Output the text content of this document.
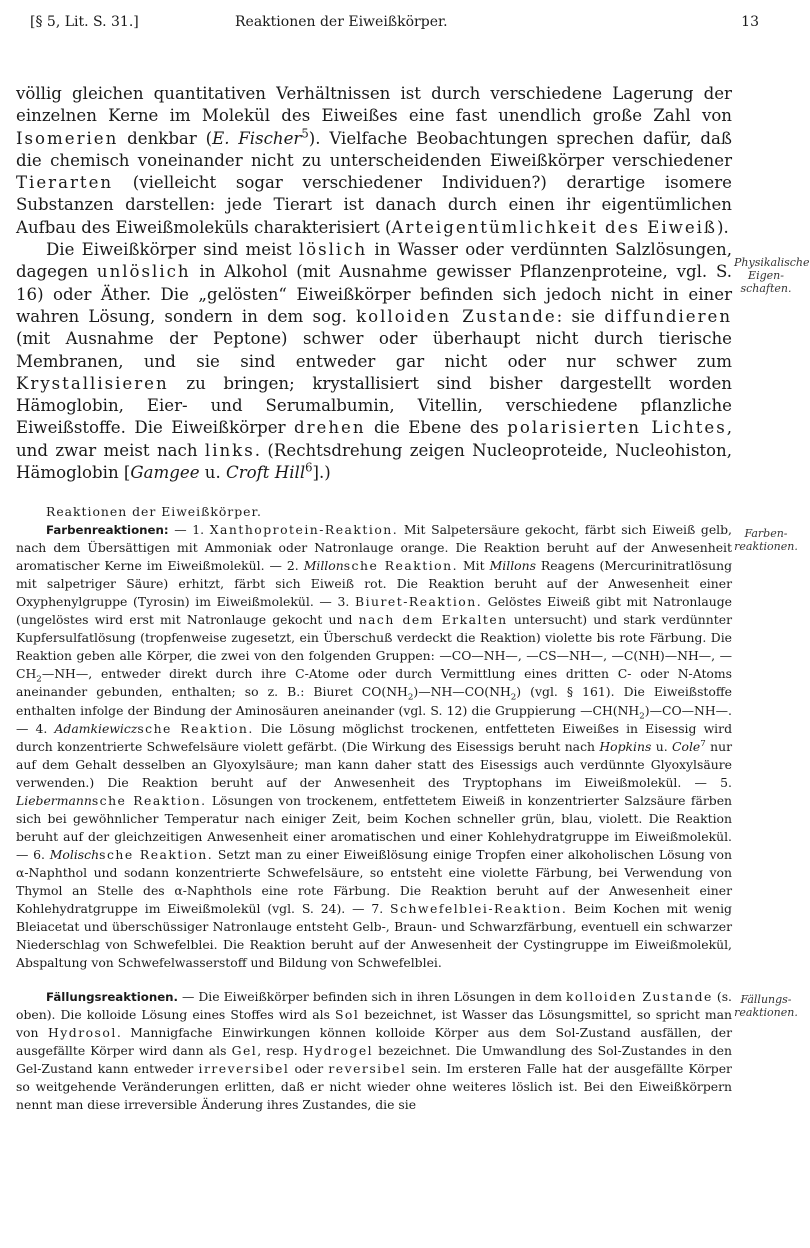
[§ 5, Lit. S. 31.]	Reaktionen der Eiweißkörper.	13

völlig gleichen quantitativen Verhältnissen ist durch verschiedene Lagerung der einzelnen Kerne im Molekül des Eiweißes eine fast unendlich große Zahl von Isomerien denkbar (E. Fischer$^5$). Vielfache Beobachtungen sprechen dafür, daß die chemisch voneinander nicht zu unterscheidenden Eiweißkörper verschiedener Tierarten (vielleicht sogar verschiedener Individuen?) derartige isomere Substanzen darstellen: jede Tierart ist danach durch einen ihr eigentümlichen Aufbau des Eiweißmoleküls charakterisiert (Arteigentümlichkeit des Eiweiß).

Die Eiweißkörper sind meist löslich in Wasser oder verdünnten Salzlösungen, dagegen unlöslich in Alkohol (mit Ausnahme gewisser Pflanzenproteine, vgl. S. 16) oder Äther. Die „gelösten“ Eiweißkörper befinden sich jedoch nicht in einer wahren Lösung, sondern in dem sog. kolloiden Zustande: sie diffundieren (mit Ausnahme der Peptone) schwer oder überhaupt nicht durch tierische Membranen, und sie sind entweder gar nicht oder nur schwer zum Krystallisieren zu bringen; krystallisiert sind bisher dargestellt worden Hämoglobin, Eier- und Serumalbumin, Vitellin, verschiedene pflanzliche Eiweißstoffe. Die Eiweißkörper drehen die Ebene des polarisierten Lichtes, und zwar meist nach links. (Rechtsdrehung zeigen Nucleoproteide, Nucleohiston, Hämoglobin [Gamgee u. Croft Hill$^6$].)

Reaktionen der Eiweißkörper.

Farbenreaktionen: — 1. Xanthoprotein-Reaktion. Mit Salpetersäure gekocht, färbt sich Eiweiß gelb, nach dem Übersättigen mit Ammoniak oder Natronlauge orange. Die Reaktion beruht auf der Anwesenheit aromatischer Kerne im Eiweißmolekül. — 2. Millonsche Reaktion. Mit Millons Reagens (Mercurinitratlösung mit salpetriger Säure) erhitzt, färbt sich Eiweiß rot. Die Reaktion beruht auf der Anwesenheit einer Oxyphenylgruppe (Tyrosin) im Eiweißmolekül. — 3. Biuret-Reaktion. Gelöstes Eiweiß gibt mit Natronlauge (ungelöstes wird erst mit Natronlauge gekocht und nach dem Erkalten untersucht) und stark verdünnter Kupfersulfatlösung (tropfenweise zugesetzt, ein Überschuß verdeckt die Reaktion) violette bis rote Färbung. Die Reaktion geben alle Körper, die zwei von den folgenden Gruppen: —CO—NH—, —CS—NH—, —C(NH)—NH—, $—CH_2—NH—$, entweder direkt durch ihre C-Atome oder durch Vermittlung eines dritten C- oder N-Atoms aneinander gebunden, enthalten; so z. B.: Biuret $CO(NH_2)—NH—CO(NH_2)$ (vgl. § 161). Die Eiweißstoffe enthalten infolge der Bindung der Aminosäuren aneinander (vgl. S. 12) die Gruppierung $—CH(NH_2)—CO—NH—$. — 4. Adamkiewiczsche Reaktion. Die Lösung möglichst trockenen, entfetteten Eiweißes in Eisessig wird durch konzentrierte Schwefelsäure violett gefärbt. (Die Wirkung des Eisessigs beruht nach Hopkins u. Cole$^7$ nur auf dem Gehalt desselben an Glyoxylsäure; man kann daher statt des Eisessigs auch verdünnte Glyoxylsäure verwenden.) Die Reaktion beruht auf der Anwesenheit des Tryptophans im Eiweißmolekül. — 5. Liebermannsche Reaktion. Lösungen von trockenem, entfettetem Eiweiß in konzentrierter Salzsäure färben sich bei gewöhnlicher Temperatur nach einiger Zeit, beim Kochen schneller grün, blau, violett. Die Reaktion beruht auf der gleichzeitigen Anwesenheit einer aromatischen und einer Kohlehydratgruppe im Eiweißmolekül. — 6. Molischsche Reaktion. Setzt man zu einer Eiweißlösung einige Tropfen einer alkoholischen Lösung von α-Naphthol und sodann konzentrierte Schwefelsäure, so entsteht eine violette Färbung, bei Verwendung von Thymol an Stelle des α-Naphthols eine rote Färbung. Die Reaktion beruht auf der Anwesenheit einer Kohlehydratgruppe im Eiweißmolekül (vgl. S. 24). — 7. Schwefelblei-Reaktion. Beim Kochen mit wenig Bleiacetat und überschüssiger Natronlauge entsteht Gelb-, Braun- und Schwarzfärbung, eventuell ein schwarzer Niederschlag von Schwefelblei. Die Reaktion beruht auf der Anwesenheit der Cystingruppe im Eiweißmolekül, Abspaltung von Schwefelwasserstoff und Bildung von Schwefelblei.

Fällungsreaktionen. — Die Eiweißkörper befinden sich in ihren Lösungen in dem kolloiden Zustande (s. oben). Die kolloide Lösung eines Stoffes wird als Sol bezeichnet, ist Wasser das Lösungsmittel, so spricht man von Hydrosol. Mannigfache Einwirkungen können kolloide Körper aus dem Sol-Zustand ausfällen, der ausgefällte Körper wird dann als Gel, resp. Hydrogel bezeichnet. Die Umwandlung des Sol-Zustandes in den Gel-Zustand kann entweder irreversibel oder reversibel sein. Im ersteren Falle hat der ausgefällte Körper so weitgehende Veränderungen erlitten, daß er nicht wieder ohne weiteres löslich ist. Bei den Eiweißkörpern nennt man diese irreversible Änderung ihres Zustandes, die sie

Physikalische Eigen-schaften.
Farben-reaktionen.
Fällungs-reaktionen.
